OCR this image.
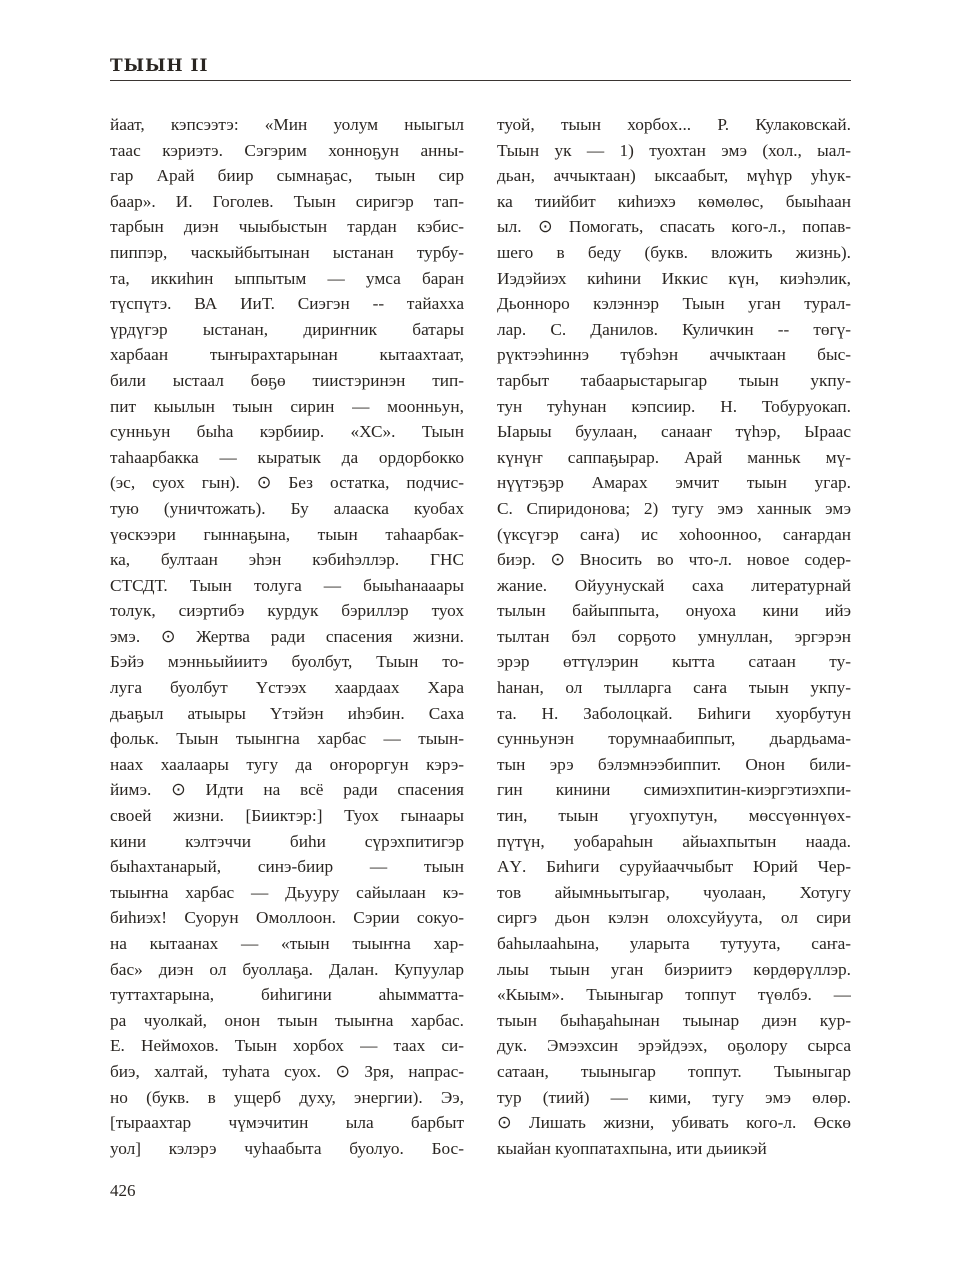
ТЫЫН II
йаат, кэпсээтэ: «Мин уолум ныыгыл
таас кэриэтэ. Сэгэрим хонноҕун анны-
гар Арай биир сымнаҕас, тыын сир
баар». И. Гоголев. Тыын сиригэр тап-
тарбын диэн чыыбыстын тардан кэбис-
пиппэр, часкыйбытынан ыстанан турбу-
та, иккиһин ыппытым — умса баран
түспүтэ. ВА ИиТ. Сиэгэн -- тайахха
үрдүгэр ыстанан, дириҥник батары
харбаан тыҥырахтарынан кытаахтаат,
били ыстаал бөҕө тиистэринэн тип-
пит кыылын тыын сирин — моонньун,
сунньун быһа кэрбиир. «ХС». Тыын
таһаарбакка — кыратык да ордорбокко
(эс, суох гын). ⊙ Без остатка, подчис-
тую (уничтожать). Бу алааска куобах
үөскээри гыннаҕына, тыын таһаарбак-
ка, бултаан эһэн кэбиһэллэр. ГНС
СТСДТ. Тыын толуга — быыһанааары
толук, сиэртибэ курдук бэриллэр туох
эмэ. ⊙ Жертва ради спасения жизни.
Бэйэ мэнньыйиитэ буолбут, Тыын то-
луга буолбут Үстээх хаардаах Хара
дьаҕыл атыыры Үтэйэн иһэбин. Саха
фольк. Тыын тыынгна харбас — тыын-
наах хаалаары тугу да оҥороргун кэрэ-
йимэ. ⊙ Идти на всё ради спасения
своей жизни. [Бииктэр:] Туох гынаары
кини кэлтэччи биһи сүрэхпитигэр
быһахтанарый, синэ-биир — тыын
тыыҥна харбас — Дьуурy сайылаан кэ-
биһиэх! Суорун Омоллоон. Сэрии сокуо-
на кытаанах — «тыын тыыҥна хар-
бас» диэн ол буоллаҕа. Далан. Купуулар
туттахтарына, биһигини аһымматтa-
ра чуолкай, онон тыын тыыҥна харбас.
Е. Неймохов. Тыын хорбох — таах си-
биэ, халтай, туһата суох. ⊙ Зря, напрас-
но (букв. в ущерб духу, энергии). Ээ,
[тыраахтар чүмэчитин ыла барбыт
уол] кэлэрэ чуһаабыта буолуо. Бос-
туой, тыын хорбох... Р. Кулаковскай.
Тыын ук — 1) туохтан эмэ (хол., ыал-
дьан, аччыктаан) ыксаабыт, мүһүр уһук-
ка тиийбит киһиэхэ көмөлөс, быыһаан
ыл. ⊙ Помогать, спасать кого-л., попав-
шего в беду (букв. вложить жизнь).
Иэдэйиэх киһини Иккис күн, киэһэлик,
Дьонноро кэлэннэр Тыын уган турал-
лар. С. Данилов. Куличкин -- төгү-
рүктээһиннэ түбэһэн аччыктаан быс-
тарбыт табаарыстарыгар тыын укпу-
тун туһунан кэпсиир. Н. Тобуруокап.
Ыарыы буулаан, санааҥ түһэр, Ыраас
күнүҥ саппаҕырар. Арай манньк мү-
нүүтэҕэр Амарах эмчит тыын угар.
С. Спиридонова; 2) тугу эмэ ханнык эмэ
(үксүгэр саҥа) ис хоһоонноо, саҥардан
биэр. ⊙ Вносить во что-л. новое содер-
жание. Ойуунускай саха литературнай
тылын байыппыта, онуоха кини ийэ
тылтан бэл сорҕото умнуллан, эргэрэн
эрэр өттүлэрин кытта сатаан ту-
һанан, ол тылларга саҥа тыын укпу-
та. Н. Заболоцкай. Биһиги хуорбутун
сунньунэн торумнаабиппыт, дьардьама-
тын эрэ бэлэмнээбиппит. Онон били-
гин кинини симиэхпитин-киэргэтиэхпи-
тин, тыын үгуохпутун, мөссүөннүөх-
пүтүн, уобараһын айыахпытын наада.
АҮ. Биһиги суруйааччыбыт Юрий Чер-
тов айымньытыгар, чуолаан, Хотугу
сиргэ дьон кэлэн олохсуйуута, ол сири
баһылааһына, уларыта тутуута, саҥа-
лыы тыын уган биэриитэ көрдөрүллэр.
«Кыым». Тыыныгар топпут түөлбэ. —
тыын быһаҕаһынан тыынар диэн кур-
дук. Эмээхсин эрэйдээх, оҕолору сырса
сатаан, тыыныгар топпут. Тыыныгар
тур (тиий) — кими, тугу эмэ өлөр.
⊙ Лишать жизни, убивать кого-л. Өскө
кыайан куоппатахпына, ити дьиикэй
426
